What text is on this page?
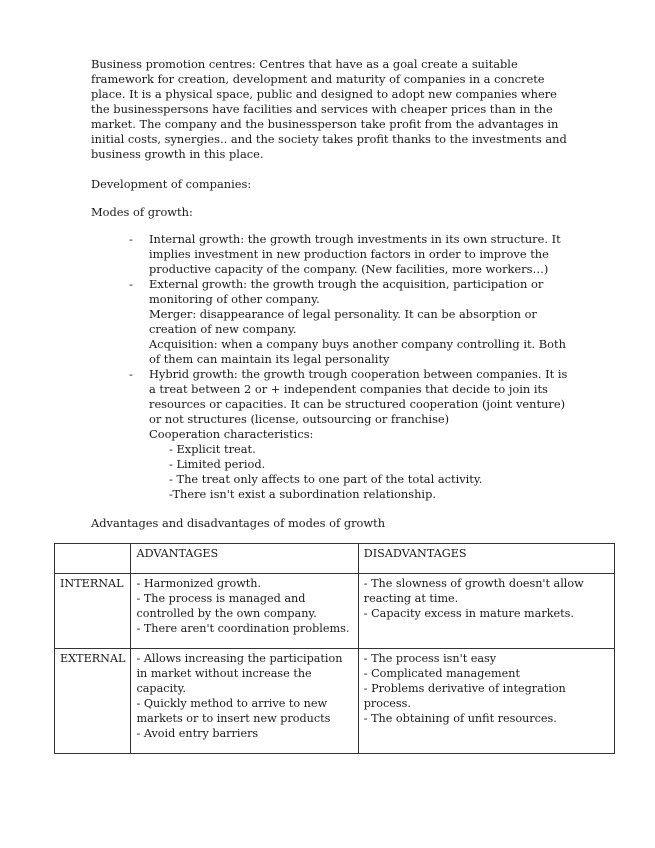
Business promotion centres: Centres that have as a goal create a suitable framework for creation, development and maturity of companies in a concrete place. It is a physical space, public and designed to adopt new companies where the businesspersons have facilities and services with cheaper prices than in the market. The company and the businessperson take profit from the advantages in initial costs, synergies.. and the society takes profit thanks to the investments and business growth in this place.

Development of companies:

Modes of growth:

- Internal growth: the growth trough investments in its own structure. It implies investment in new production factors in order to improve the productive capacity of the company. (New facilities, more workers…)
- External growth: the growth trough the acquisition, participation or monitoring of other company.
Merger: disappearance of legal personality. It can be absorption or creation of new company.
Acquisition: when a company buys another company controlling it. Both of them can maintain its legal personality
- Hybrid growth: the growth trough cooperation between companies. It is a treat between 2 or + independent companies that decide to join its resources or capacities. It can be structured cooperation (joint venture) or not structures (license, outsourcing or franchise)
Cooperation characteristics:
- Explicit treat.
- Limited period.
- The treat only affects to one part of the total activity.
-There isn't exist a subordination relationship.

Advantages and disadvantages of modes of growth

	ADVANTAGES	DISADVANTAGES
INTERNAL	- Harmonized growth.
- The process is managed and controlled by the own company.
- There aren't coordination problems.	- The slowness of growth doesn't allow reacting at time.
- Capacity excess in mature markets.

EXTERNAL	- Allows increasing the participation in market without increase the capacity.
- Quickly method to arrive to new markets or to insert new products
- Avoid entry barriers	- The process isn't easy
- Complicated management
- Problems derivative of integration process.
- The obtaining of unfit resources.
